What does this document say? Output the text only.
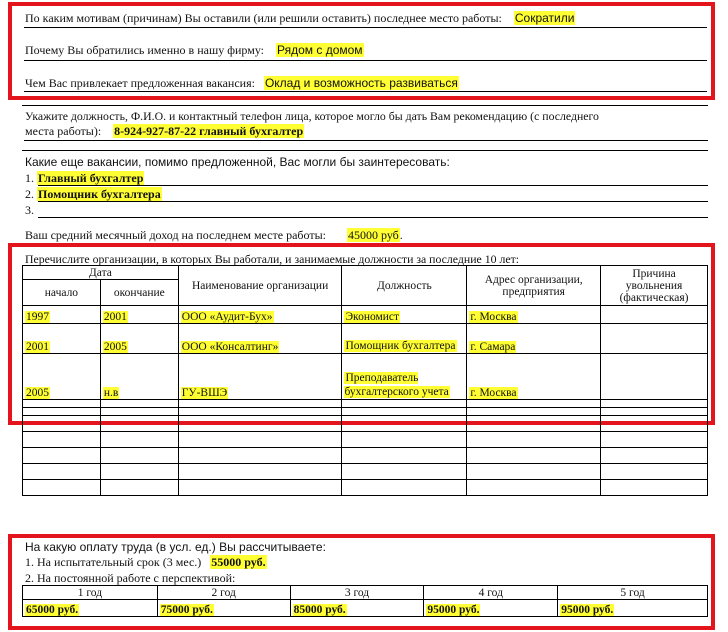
По каким мотивам (причинам) Вы оставили (или решили оставить) последнее место работы: Сократили
Почему Вы обратились именно в нашу фирму: Рядом с домом
Чем Вас привлекает предложенная вакансия: Оклад и возможность развиваться
Укажите должность, Ф.И.О. и контактный телефон лица, которое могло бы дать Вам рекомендацию (с последнего
места работы): 8-924-927-87-22 главный бухгалтер
Какие еще вакансии, помимо предложенной, Вас могли бы заинтересовать:
1. Главный бухгалтер
2. Помощник бухгалтера
3.
Ваш средний месячный доход на последнем месте работы: 45000 руб.
Перечислите организации, в которых Вы работали, и занимаемые должности за последние 10 лет:
Дата		Наименование организации	Должность	Адрес организации, предприятия	Причина увольнения (фактическая)
начало	окончание				
1997	2001	ООО «Аудит-Бух»	Экономист	г. Москва	
2001	2005	ООО «Консалтинг»	Помощник бухгалтера	г. Самара	
2005	н.в	ГУ-ВШЭ	Преподаватель бухгалтерского учета	г. Москва	

На какую оплату труда (в усл. ед.) Вы рассчитываете:
1. На испытательный срок (3 мес.) 55000 руб.
2. На постоянной работе с перспективой:
1 год	2 год	3 год	4 год	5 год
65000 руб.	75000 руб.	85000 руб.	95000 руб.	95000 руб.
